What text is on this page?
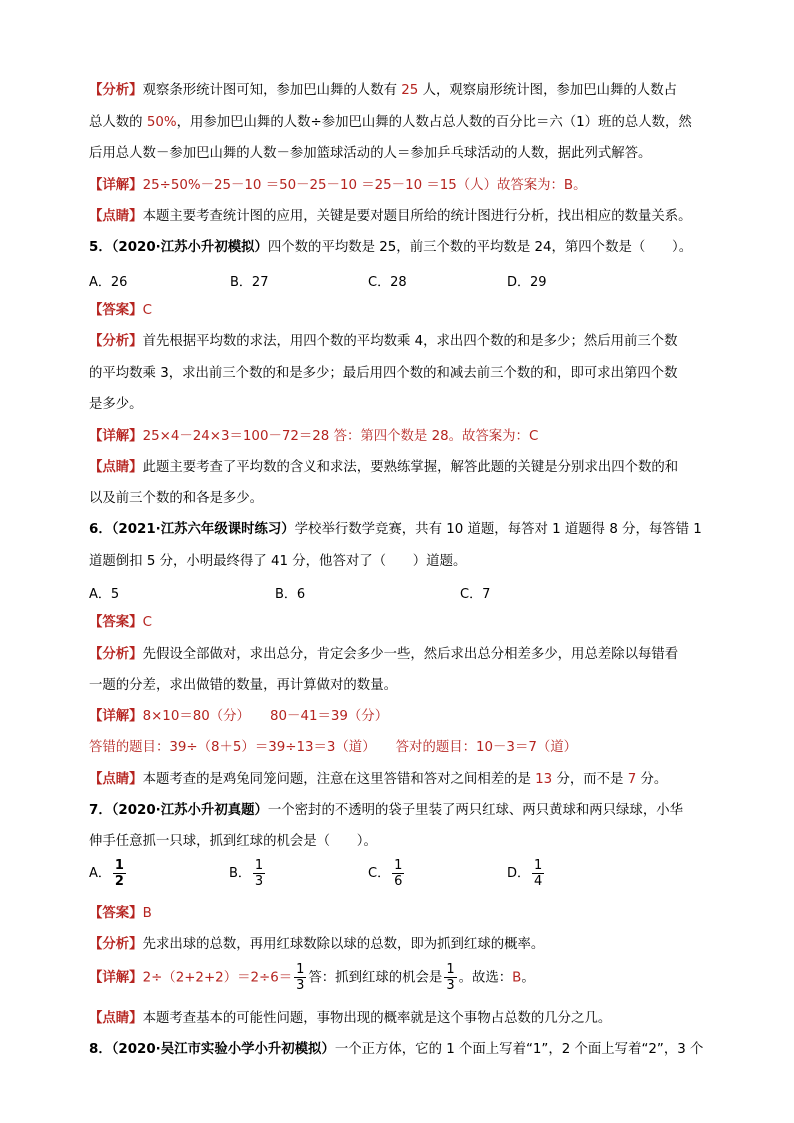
【分析】观察条形统计图可知，参加巴山舞的人数有 25 人，观察扇形统计图，参加巴山舞的人数占
总人数的 50%，用参加巴山舞的人数÷参加巴山舞的人数占总人数的百分比＝六（1）班的总人数，然
后用总人数－参加巴山舞的人数－参加篮球活动的人＝参加乒乓球活动的人数，据此列式解答。
【详解】25÷50%－25－10 ＝50－25－10 ＝25－10 ＝15（人）故答案为：B。
【点睛】本题主要考查统计图的应用，关键是要对题目所给的统计图进行分析，找出相应的数量关系。
5．（2020·江苏小升初模拟）四个数的平均数是 25，前三个数的平均数是 24，第四个数是（　　）。
A．26	B．27	C．28	D．29
【答案】C
【分析】首先根据平均数的求法，用四个数的平均数乘 4，求出四个数的和是多少；然后用前三个数
的平均数乘 3，求出前三个数的和是多少；最后用四个数的和减去前三个数的和，即可求出第四个数
是多少。
【详解】25×4－24×3＝100－72＝28 答：第四个数是 28。故答案为：C
【点睛】此题主要考查了平均数的含义和求法，要熟练掌握，解答此题的关键是分别求出四个数的和
以及前三个数的和各是多少。
6．（2021·江苏六年级课时练习）学校举行数学竞赛，共有 10 道题，每答对 1 道题得 8 分，每答错 1
道题倒扣 5 分，小明最终得了 41 分，他答对了（　　）道题。
A．5	B．6	C．7
【答案】C
【分析】先假设全部做对，求出总分，肯定会多少一些，然后求出总分相差多少，用总差除以每错看
一题的分差，求出做错的数量，再计算做对的数量。
【详解】8×10＝80（分）　　80－41＝39（分）
答错的题目：39÷（8＋5）＝39÷13＝3（道）　　答对的题目：10－3＝7（道）
【点睛】本题考查的是鸡兔同笼问题，注意在这里答错和答对之间相差的是 13 分，而不是 7 分。
7．（2020·江苏小升初真题）一个密封的不透明的袋子里装了两只红球、两只黄球和两只绿球，小华
伸手任意抓一只球，抓到红球的机会是（　　）。
A． $\frac{1}{2}$	B． $\frac{1}{3}$	C． $\frac{1}{6}$	D． $\frac{1}{4}$
【答案】B
【分析】先求出球的总数，再用红球数除以球的总数，即为抓到红球的概率。
【详解】$2\div(2+2+2)=2\div 6= \frac{1}{3}$ 答：抓到红球的机会是 $\frac{1}{3}$ 。故选：B。
【点睛】本题考查基本的可能性问题，事物出现的概率就是这个事物占总数的几分之几。
8．（2020·吴江市实验小学小升初模拟）一个正方体，它的 1 个面上写着“1”，2 个面上写着“2”，3 个
